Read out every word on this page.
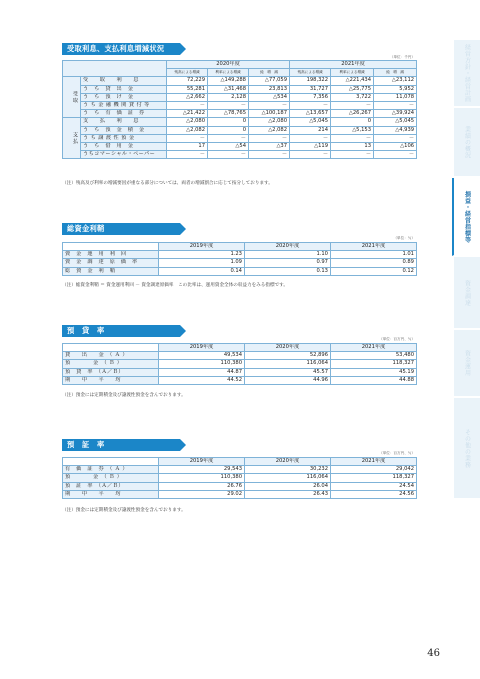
受取利息、支払利息増減状況
（単位：千円）
		2020年度			2021年度		
		残高による増減	利率による増減	純　増　減	残高による増減	利率による増減	純　増　減
受取	受　　取　　利　　息	72,229	△149,288	△77,059	198,322	△221,434	△23,112
	う　ち　貸　出　金	55,281	△31,468	23,813	31,727	△25,775	5,952
	う　ち　預　け　金	△2,662	2,128	△534	7,356	3,722	11,078
	う ち 金 融 機 関 貸 付 等	－	－	－	－	－	－
	う　ち　有　価　証　券	△21,422	△78,765	△100,187	△13,657	△26,267	△39,924
支払	支　　払　　利　　息	△2,080	0	△2,080	△5,045	0	△5,045
	う　ち　預　金　積　金	△2,082	0	△2,082	214	△5,153	△4,939
	う ち 譲 渡 性 預 金	－	－	－	－	－	－
	う　ち　借　用　金	17	△54	△37	△119	13	△106
	うちコマーシャル・ペーパー	－	－	－	－	－	－
（注）残高及び利率の増減要因が重なる部分については、両者の増減割合に応じて按分しております。
総資金利鞘
（単位：％）
	2019年度	2020年度	2021年度
資　金　運　用　利　回	1.23	1.10	1.01
資　金　調　達　原　価　率	1.09	0.97	0.89
総　資　金　利　鞘	0.14	0.13	0.12
（注）総資金利鞘 ＝ 資金運用利回 － 資金調達原価率　この比率は、運用資金全体の収益力をみる指標です。
預　貸　率
（単位：百万円、％）
	2019年度	2020年度	2021年度
貸　　出　　金　（ Ａ ）	49,534	52,896	53,480
預　　　　金　（ Ｂ ）	110,380	116,064	118,327
預　貸　率　（Ａ／Ｂ）	44.87	45.57	45.19
期　　中　　平　　均	44.52	44.96	44.88
（注）預金には定期積金及び譲渡性預金を含んでおります。
預　証　率
（単位：百万円、％）
	2019年度	2020年度	2021年度
有　価　証　券　（ Ａ ）	29,543	30,232	29,042
預　　　　金　（ Ｂ ）	110,380	116,064	118,327
預　証　率　（Ａ／Ｂ）	26.76	26.04	24.54
期　　中　　平　　均	29.02	26.43	24.56
（注）預金には定期積金及び譲渡性預金を含んでおります。
経営方針・経営計画
業績の概況
損益・経営指標等
資金調達
資金運用
その他の業務
46
